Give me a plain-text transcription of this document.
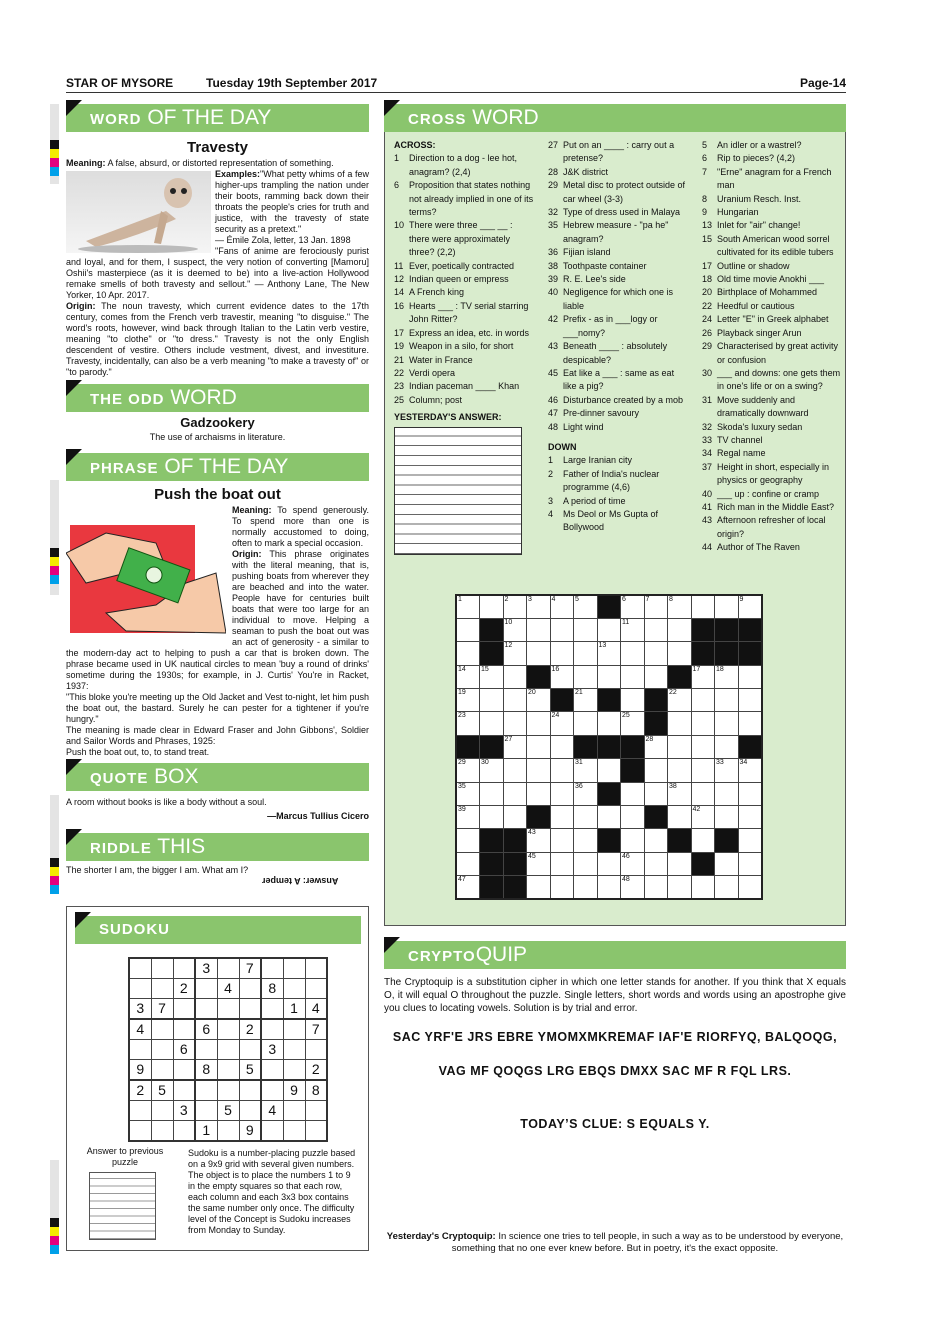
STAR OF MYSORE	Tuesday 19th September 2017	Page-14
WORD OF THE DAY
Travesty
Meaning: A false, absurd, or distorted representation of something.

Examples:"What petty whims of a few higher-ups trampling the nation under their boots, ramming back down their throats the people's cries for truth and justice, with the travesty of state security as a pretext."
— Émile Zola, letter, 13 Jan. 1898
"Fans of anime are ferociously purist and loyal, and for them, I suspect, the very notion of converting [Mamoru] Oshii's masterpiece (as it is deemed to be) into a live-action Hollywood remake smells of both travesty and sellout." — Anthony Lane, The New Yorker, 10 Apr. 2017.
Origin: The noun travesty, which current evidence dates to the 17th century, comes from the French verb travestir, meaning "to disguise." The word's roots, however, wind back through Italian to the Latin verb vestire, meaning "to clothe" or "to dress." Travesty is not the only English descendent of vestire. Others include vestment, divest, and investiture. Travesty, incidentally, can also be a verb meaning "to make a travesty of" or "to parody."
THE ODD WORD
Gadzookery
The use of archaisms in literature.
PHRASE OF THE DAY
Push the boat out
Meaning: To spend generously. To spend more than one is normally accustomed to doing, often to mark a special occasion.
Origin: This phrase originates with the literal meaning, that is, pushing boats from wherever they are beached and into the water. People have for centuries built boats that were too large for an individual to move. Helping a seaman to push the boat out was an act of generosity - a similar to the modern-day act to helping to push a car that is broken down. The phrase became used in UK nautical circles to mean 'buy a round of drinks' sometime during the 1930s; for example, in J. Curtis' You're in Racket, 1937:
"This bloke you're meeting up the Old Jacket and Vest to-night, let him push the boat out, the bastard. Surely he can pester for a tightener if you're hungry."
The meaning is made clear in Edward Fraser and John Gibbons', Soldier and Sailor Words and Phrases, 1925:
Push the boat out, to, to stand treat.
QUOTE BOX
A room without books is like a body without a soul.
—Marcus Tullius Cicero
RIDDLE THIS
The shorter I am, the bigger I am. What am I?
Answer: A temper
SUDOKU
			3		7			
		2		4		8		
3	7						1	4
4			6		2			7
		6				3		
9			8		5			2
2	5						9	8
		3		5		4		
			1		9			
Answer to previous puzzle
Sudoku is a number-placing puzzle based on a 9x9 grid with several given numbers. The object is to place the numbers 1 to 9 in the empty squares so that each row, each column and each 3x3 box contains the same number only once. The difficulty level of the Concept is Sudoku increases from Monday to Sunday.
CROSS WORD
ACROSS:
1 Direction to a dog - lee hot, anagram? (2,4)
6 Proposition that states nothing not already implied in one of its terms?
10 There were three ___ __ : there were approximately three? (2,2)
11 Ever, poetically contracted
12 Indian queen or empress
14 A French king
16 Hearts ___ : TV serial starring John Ritter?
17 Express an idea, etc. in words
19 Weapon in a silo, for short
21 Water in France
22 Verdi opera
23 Indian paceman ____ Khan
25 Column; post
YESTERDAY'S ANSWER:
27 Put on an ____ : carry out a pretense?
28 J&K district
29 Metal disc to protect outside of car wheel (3-3)
32 Type of dress used in Malaya
35 Hebrew measure - "pa he" anagram?
36 Fijian island
38 Toothpaste container
39 R. E. Lee's side
40 Negligence for which one is liable
42 Prefix - as in ___logy or ___nomy?
43 Beneath ____ : absolutely despicable?
45 Eat like a ___ : same as eat like a pig?
46 Disturbance created by a mob
47 Pre-dinner savoury
48 Light wind
DOWN
1 Large Iranian city
2 Father of India's nuclear programme (4,6)
3 A period of time
4 Ms Deol or Ms Gupta of Bollywood
5 An idler or a wastrel?
6 Rip to pieces? (4,2)
7 "Erne" anagram for a French man
8 Uranium Resch. Inst.
9 Hungarian
13 Inlet for "air" change!
15 South American wood sorrel cultivated for its edible tubers
17 Outline or shadow
18 Old time movie Anokhi ___
20 Birthplace of Mohammed
22 Heedful or cautious
24 Letter "E" in Greek alphabet
26 Playback singer Arun
29 Characterised by great activity or confusion
30 ___ and downs: one gets them in one's life or on a swing?
31 Move suddenly and dramatically downward
32 Skoda's luxury sedan
33 TV channel
34 Regal name
37 Height in short, especially in physics or geography
40 ___ up : confine or cramp
41 Rich man in the Middle East?
43 Afternoon refresher of local origin?
44 Author of The Raven
1		2	3	4	5		6	7	8			9

		10					11					

		12				13						

14	15			16						17	18	

19			20		21				22			

23				24			25					

		27						28				

29	30				31						33	34

35					36				38			

39										42		

			43									

			45				46					

47							48					

CRYPTOQUIP
The Cryptoquip is a substitution cipher in which one letter stands for another. If you think that X equals O, it will equal O throughout the puzzle. Single letters, short words and words using an apostrophe give you clues to locating vowels. Solution is by trial and error.
SAC YRF'E JRS EBRE YMOMXMKREMAF IAF'E RIORFYQ, BALQOQG,
VAG MF QOQGS LRG EBQS DMXX SAC MF R FQL LRS.
TODAY’S CLUE: S EQUALS Y.
Yesterday's Cryptoquip: In science one tries to tell people, in such a way as to be understood by everyone, something that no one ever knew before. But in poetry, it's the exact opposite.
